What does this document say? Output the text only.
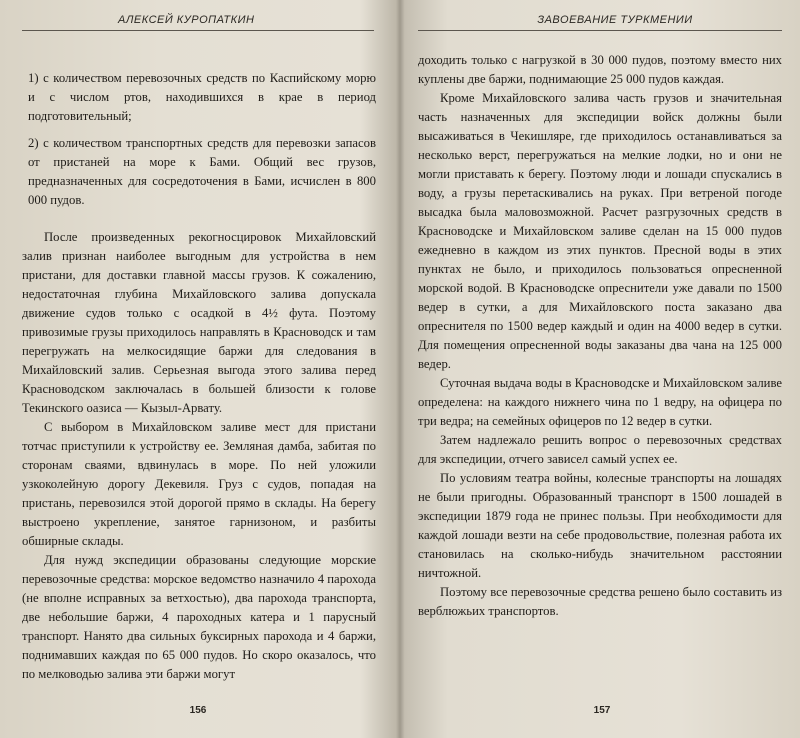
АЛЕКСЕЙ КУРОПАТКИН

1) с количеством перевозочных средств по Каспийскому морю и с числом ртов, находившихся в крае в период подготовительный;

2) с количеством транспортных средств для перевозки запасов от пристаней на море к Бами. Общий вес грузов, предназначенных для сосредоточения в Бами, исчислен в 800 000 пудов.

После произведенных рекогносцировок Михайловский залив признан наиболее выгодным для устройства в нем пристани, для доставки главной массы грузов. К сожалению, недостаточная глубина Михайловского залива допускала движение судов только с осадкой в 4½ фута. Поэтому привозимые грузы приходилось направлять в Красноводск и там перегружать на мелкосидящие баржи для следования в Михайловский залив. Серьезная выгода этого залива перед Красноводском заключалась в большей близости к голове Текинского оазиса — Кызыл-Арвату.

С выбором в Михайловском заливе мест для пристани тотчас приступили к устройству ее. Земляная дамба, забитая по сторонам сваями, вдвинулась в море. По ней уложили узкоколейную дорогу Декевиля. Груз с судов, попадая на пристань, перевозился этой дорогой прямо в склады. На берегу выстроено укрепление, занятое гарнизоном, и разбиты обширные склады.

Для нужд экспедиции образованы следующие морские перевозочные средства: морское ведомство назначило 4 парохода (не вполне исправных за ветхостью), два парохода транспорта, две небольшие баржи, 4 пароходных катера и 1 парусный транспорт. Нанято два сильных буксирных парохода и 4 баржи, поднимавших каждая по 65 000 пудов. Но скоро оказалось, что по мелководью залива эти баржи могут

156
ЗАВОЕВАНИЕ ТУРКМЕНИИ

доходить только с нагрузкой в 30 000 пудов, поэтому вместо них куплены две баржи, поднимающие 25 000 пудов каждая.

Кроме Михайловского залива часть грузов и значительная часть назначенных для экспедиции войск должны были высаживаться в Чекишляре, где приходилось останавливаться за несколько верст, перегружаться на мелкие лодки, но и они не могли приставать к берегу. Поэтому люди и лошади спускались в воду, а грузы перетаскивались на руках. При ветреной погоде высадка была маловозможной. Расчет разгрузочных средств в Красноводске и Михайловском заливе сделан на 15 000 пудов ежедневно в каждом из этих пунктов. Пресной воды в этих пунктах не было, и приходилось пользоваться опресненной морской водой. В Красноводске опреснители уже давали по 1500 ведер в сутки, а для Михайловского поста заказано два опреснителя по 1500 ведер каждый и один на 4000 ведер в сутки. Для помещения опресненной воды заказаны два чана на 125 000 ведер.

Суточная выдача воды в Красноводске и Михайловском заливе определена: на каждого нижнего чина по 1 ведру, на офицера по три ведра; на семейных офицеров по 12 ведер в сутки.

Затем надлежало решить вопрос о перевозочных средствах для экспедиции, отчего зависел самый успех ее.

По условиям театра войны, колесные транспорты на лошадях не были пригодны. Образованный транспорт в 1500 лошадей в экспедиции 1879 года не принес пользы. При необходимости для каждой лошади везти на себе продовольствие, полезная работа их становилась на сколько-нибудь значительном расстоянии ничтожной.

Поэтому все перевозочные средства решено было составить из верблюжьих транспортов.

157
